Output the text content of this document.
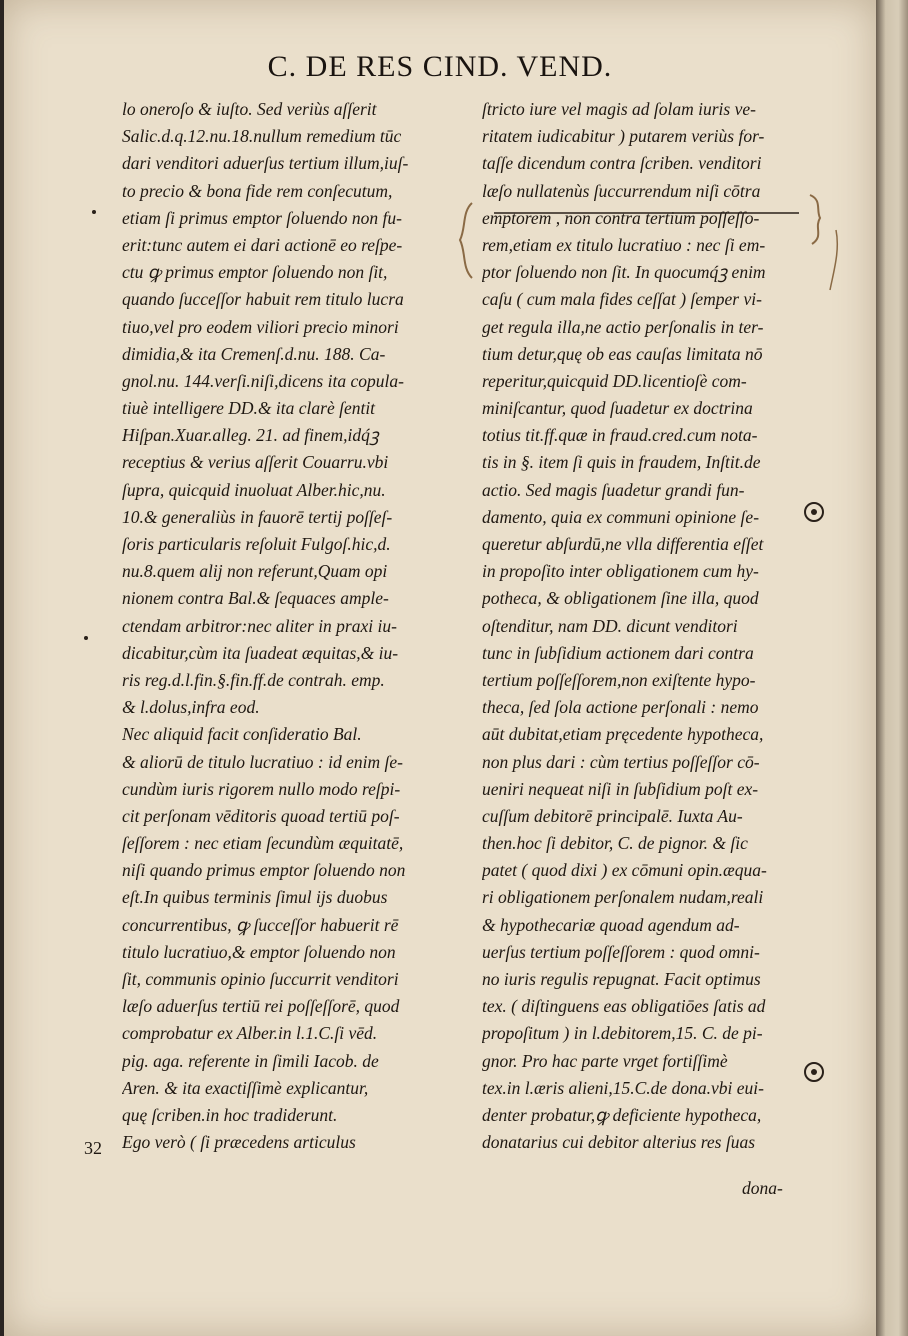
C. DE RES CIND. VEND.
lo oneroſo & iuſto. Sed veriùs aſſerit
Salic.d.q.12.nu.18.nullum remedium tūc
dari venditori aduerſus tertium illum,iuſ-
to precio & bona fide rem conſecutum,
etiam ſi primus emptor ſoluendo non fu-
erit:tunc autem ei dari actionē eo reſpe-
ctu ꝙ primus emptor ſoluendo non ſit,
quando ſucceſſor habuit rem titulo lucra
tiuo,vel pro eodem viliori precio minori
dimidia,& ita Cremenſ.d.nu. 188. Ca-
gnol.nu. 144.verſi.niſi,dicens ita copula-
tiuè intelligere DD.& ita clarè ſentit
Hiſpan.Xuar.alleg. 21. ad finem,idq́ꝫ
receptius & verius aſſerit Couarru.vbi
ſupra, quicquid inuoluat Alber.hic,nu.
10.& generaliùs in fauorē tertij poſſeſ-
ſoris particularis reſoluit Fulgoſ.hic,d.
nu.8.quem alij non referunt,Quam opi
nionem contra Bal.& ſequaces ample-
ctendam arbitror:nec aliter in praxi iu-
dicabitur,cùm ita ſuadeat æquitas,& iu-
ris reg.d.l.fin.§.fin.ff.de contrah. emp.
& l.dolus,infra eod.
Nec aliquid facit conſideratio Bal.
& aliorū de titulo lucratiuo : id enim ſe-
cundùm iuris rigorem nullo modo reſpi-
cit perſonam vēditoris quoad tertiū poſ-
ſeſſorem : nec etiam ſecundùm æquitatē,
niſi quando primus emptor ſoluendo non
eſt.In quibus terminis ſimul ijs duobus
concurrentibus, ꝙ ſucceſſor habuerit rē
titulo lucratiuo,& emptor ſoluendo non
ſit, communis opinio ſuccurrit venditori
læſo aduerſus tertiū rei poſſeſſorē, quod
comprobatur ex Alber.in l.1.C.ſi vēd.
pig. aga. referente in ſimili Iacob. de
Aren. & ita exactiſſimè explicantur,
quę ſcriben.in hoc tradiderunt.
Ego verò ( ſi præcedens articulus
ſtricto iure vel magis ad ſolam iuris ve-
ritatem iudicabitur ) putarem veriùs for-
taſſe dicendum contra ſcriben. venditori
læſo nullatenùs ſuccurrendum niſi cōtra
emptorem , non contra tertium poſſeſſo-
rem,etiam ex titulo lucratiuo : nec ſi em-
ptor ſoluendo non ſit. In quocumq́ꝫ enim
caſu ( cum mala fides ceſſat ) ſemper vi-
get regula illa,ne actio perſonalis in ter-
tium detur,quę ob eas cauſas limitata nō
reperitur,quicquid DD.licentioſè com-
miniſcantur, quod ſuadetur ex doctrina
totius tit.ff.quæ in fraud.cred.cum nota-
tis in §. item ſi quis in fraudem, Inſtit.de
actio. Sed magis ſuadetur grandi fun-
damento, quia ex communi opinione ſe-
queretur abſurdū,ne vlla differentia eſſet
in propoſito inter obligationem cum hy-
potheca, & obligationem ſine illa, quod
oſtenditur, nam DD. dicunt venditori
tunc in ſubſidium actionem dari contra
tertium poſſeſſorem,non exiſtente hypo-
theca, ſed ſola actione perſonali : nemo
aūt dubitat,etiam pręcedente hypotheca,
non plus dari : cùm tertius poſſeſſor cō-
ueniri nequeat niſi in ſubſidium poſt ex-
cuſſum debitorē principalē. Iuxta Au-
then.hoc ſi debitor, C. de pignor. & ſic
patet ( quod dixi ) ex cōmuni opin.æqua-
ri obligationem perſonalem nudam,reali
& hypothecariæ quoad agendum ad-
uerſus tertium poſſeſſorem : quod omni-
no iuris regulis repugnat. Facit optimus
tex. ( diſtinguens eas obligatiōes ſatis ad
propoſitum ) in l.debitorem,15. C. de pi-
gnor. Pro hac parte vrget fortiſſimè
tex.in l.æris alieni,15.C.de dona.vbi eui-
denter probatur,ꝙ deficiente hypotheca,
donatarius cui debitor alterius res ſuas
32
dona-
